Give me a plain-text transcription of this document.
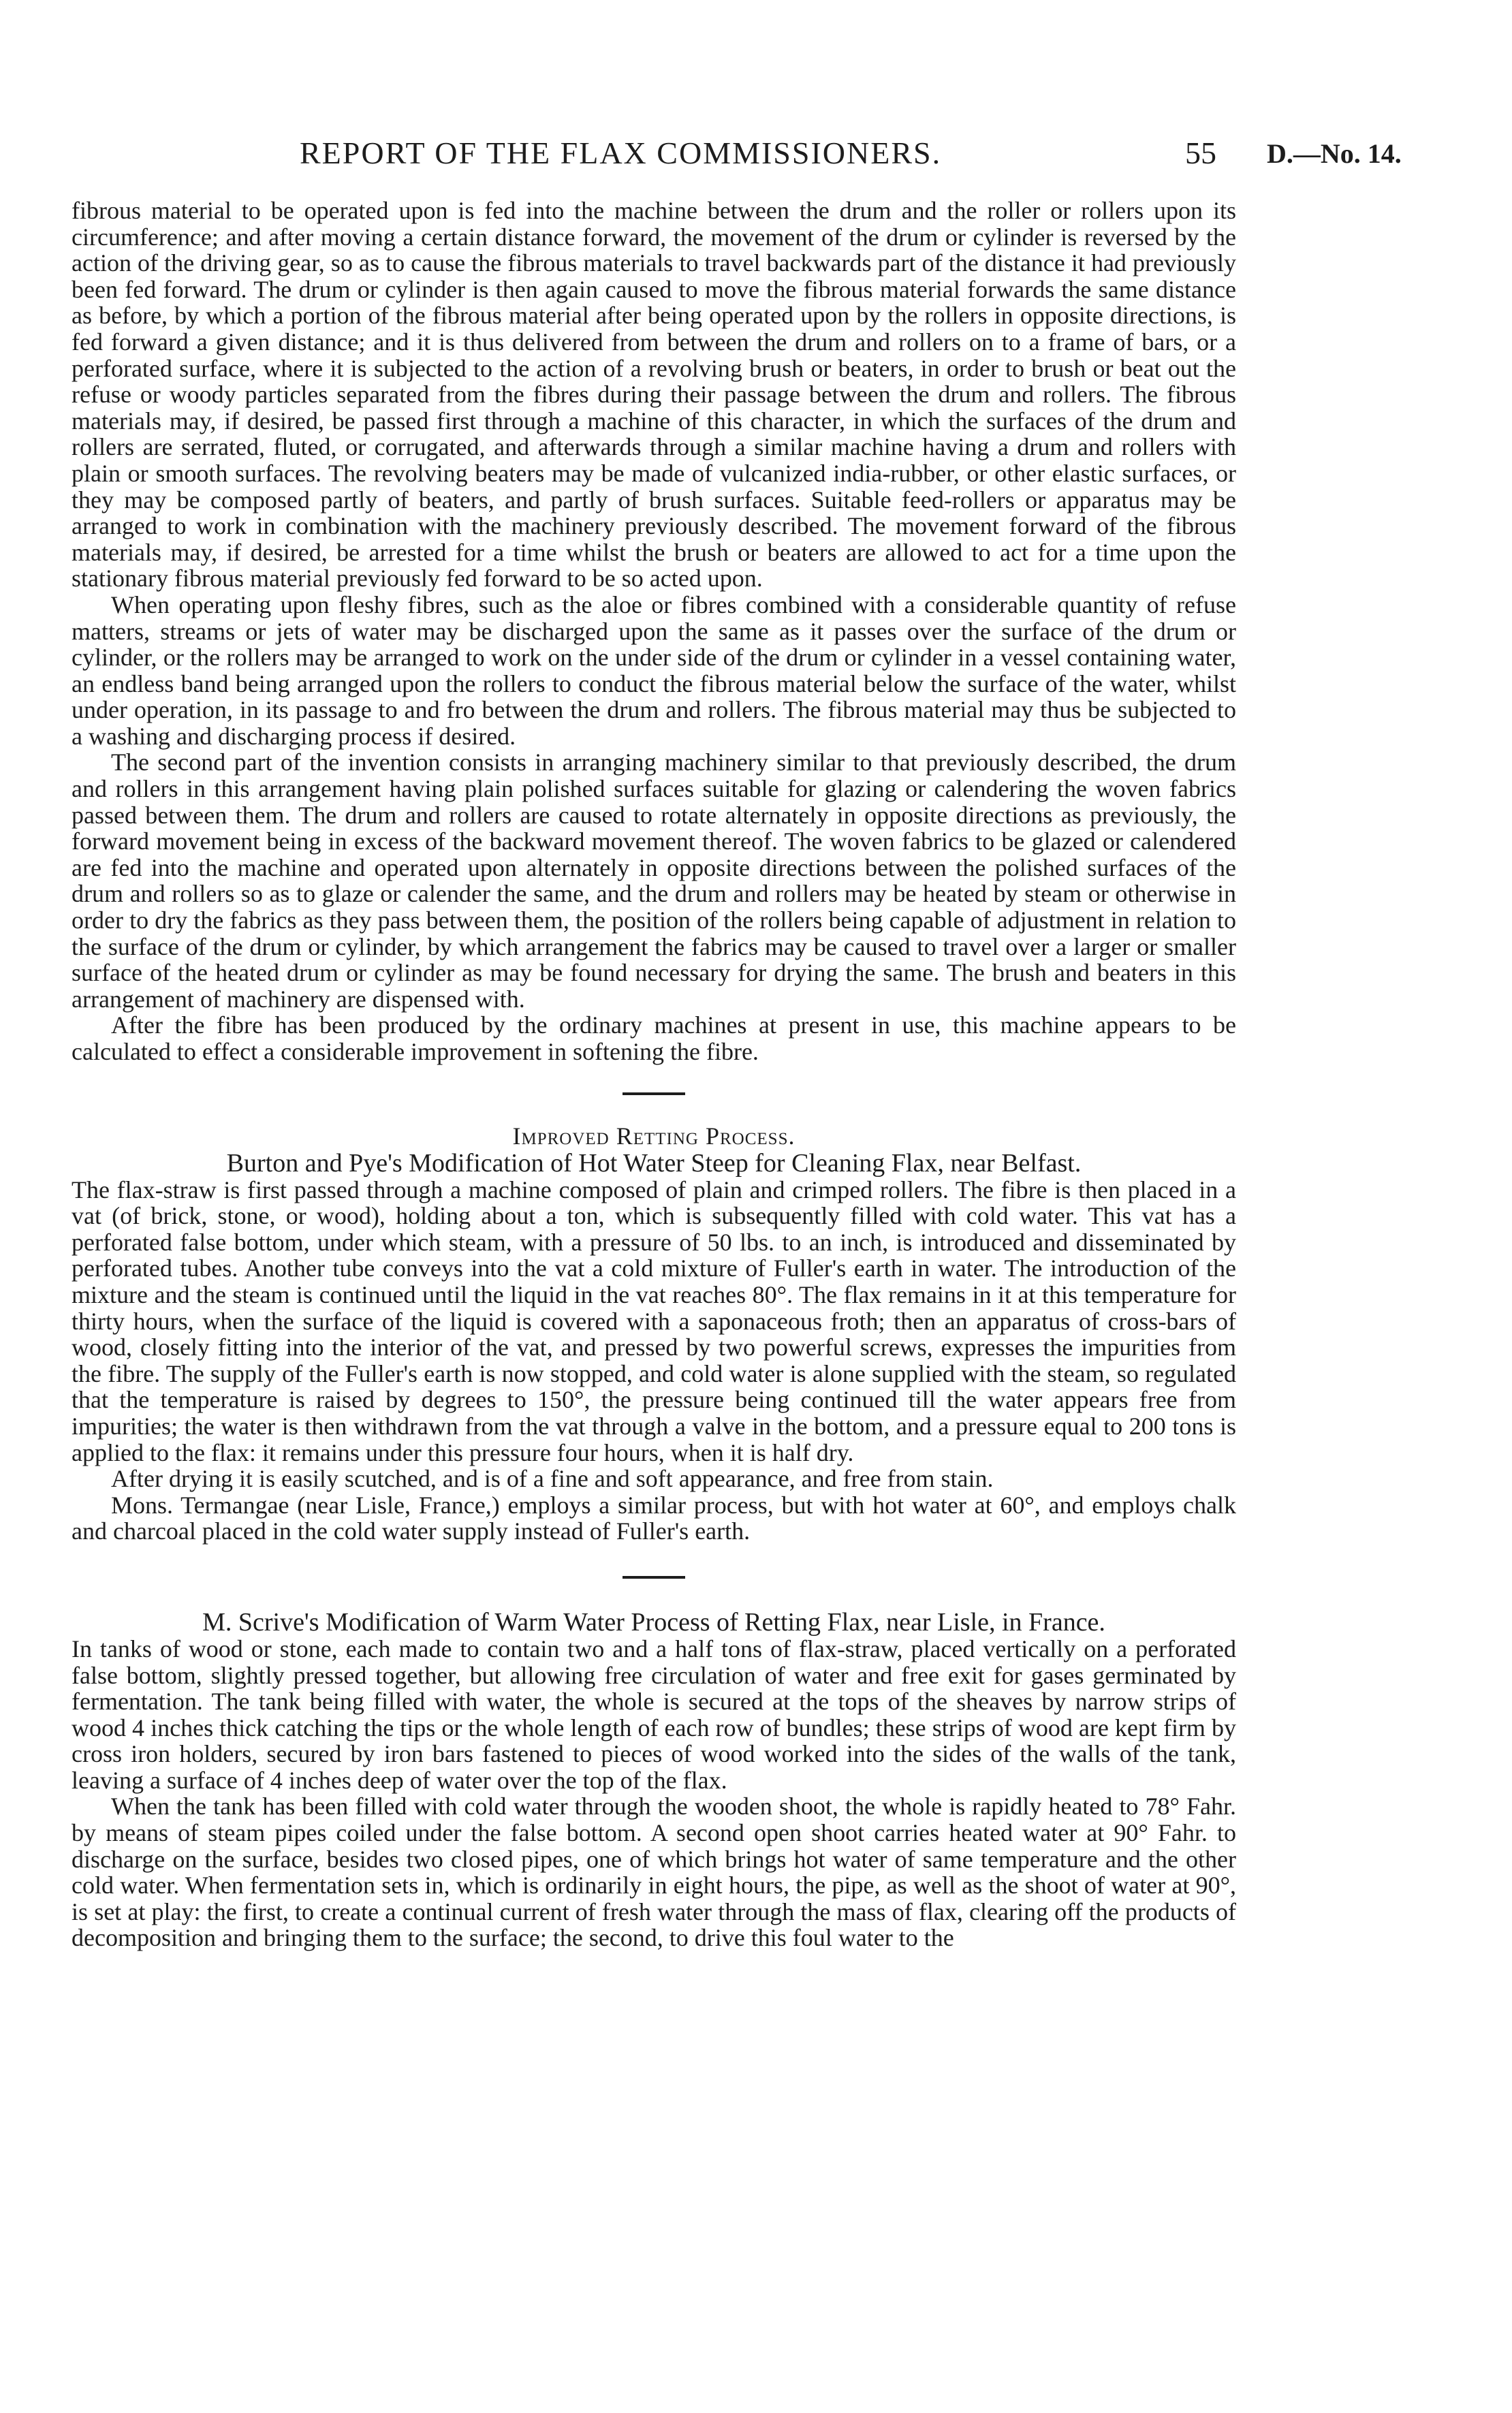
REPORT OF THE FLAX COMMISSIONERS.	55 D.—No. 14.

fibrous material to be operated upon is fed into the machine between the drum and the roller or rollers upon its circumference; and after moving a certain distance forward, the movement of the drum or cylinder is reversed by the action of the driving gear, so as to cause the fibrous materials to travel backwards part of the distance it had previously been fed forward. The drum or cylinder is then again caused to move the fibrous material forwards the same distance as before, by which a portion of the fibrous material after being operated upon by the rollers in opposite directions, is fed forward a given distance; and it is thus delivered from between the drum and rollers on to a frame of bars, or a perforated surface, where it is subjected to the action of a revolving brush or beaters, in order to brush or beat out the refuse or woody particles separated from the fibres during their passage between the drum and rollers. The fibrous materials may, if desired, be passed first through a machine of this character, in which the surfaces of the drum and rollers are serrated, fluted, or corrugated, and afterwards through a similar machine having a drum and rollers with plain or smooth surfaces. The revolving beaters may be made of vulcanized india-rubber, or other elastic surfaces, or they may be composed partly of beaters, and partly of brush surfaces. Suitable feed-rollers or apparatus may be arranged to work in combination with the machinery previously described. The movement forward of the fibrous materials may, if desired, be arrested for a time whilst the brush or beaters are allowed to act for a time upon the stationary fibrous material previously fed forward to be so acted upon.

When operating upon fleshy fibres, such as the aloe or fibres combined with a considerable quantity of refuse matters, streams or jets of water may be discharged upon the same as it passes over the surface of the drum or cylinder, or the rollers may be arranged to work on the under side of the drum or cylinder in a vessel containing water, an endless band being arranged upon the rollers to conduct the fibrous material below the surface of the water, whilst under operation, in its passage to and fro between the drum and rollers. The fibrous material may thus be subjected to a washing and discharging process if desired.

The second part of the invention consists in arranging machinery similar to that previously described, the drum and rollers in this arrangement having plain polished surfaces suitable for glazing or calendering the woven fabrics passed between them. The drum and rollers are caused to rotate alternately in opposite directions as previously, the forward movement being in excess of the backward movement thereof. The woven fabrics to be glazed or calendered are fed into the machine and operated upon alternately in opposite directions between the polished surfaces of the drum and rollers so as to glaze or calender the same, and the drum and rollers may be heated by steam or otherwise in order to dry the fabrics as they pass between them, the position of the rollers being capable of adjustment in relation to the surface of the drum or cylinder, by which arrangement the fabrics may be caused to travel over a larger or smaller surface of the heated drum or cylinder as may be found necessary for drying the same. The brush and beaters in this arrangement of machinery are dispensed with.

After the fibre has been produced by the ordinary machines at present in use, this machine appears to be calculated to effect a considerable improvement in softening the fibre.

Improved Retting Process.
Burton and Pye's Modification of Hot Water Steep for Cleaning Flax, near Belfast.

The flax-straw is first passed through a machine composed of plain and crimped rollers. The fibre is then placed in a vat (of brick, stone, or wood), holding about a ton, which is subsequently filled with cold water. This vat has a perforated false bottom, under which steam, with a pressure of 50 lbs. to an inch, is introduced and disseminated by perforated tubes. Another tube conveys into the vat a cold mixture of Fuller's earth in water. The introduction of the mixture and the steam is continued until the liquid in the vat reaches 80°. The flax remains in it at this temperature for thirty hours, when the surface of the liquid is covered with a saponaceous froth; then an apparatus of cross-bars of wood, closely fitting into the interior of the vat, and pressed by two powerful screws, expresses the impurities from the fibre. The supply of the Fuller's earth is now stopped, and cold water is alone supplied with the steam, so regulated that the temperature is raised by degrees to 150°, the pressure being continued till the water appears free from impurities; the water is then withdrawn from the vat through a valve in the bottom, and a pressure equal to 200 tons is applied to the flax: it remains under this pressure four hours, when it is half dry.

After drying it is easily scutched, and is of a fine and soft appearance, and free from stain.

Mons. Termangae (near Lisle, France,) employs a similar process, but with hot water at 60°, and employs chalk and charcoal placed in the cold water supply instead of Fuller's earth.

M. Scrive's Modification of Warm Water Process of Retting Flax, near Lisle, in France.

In tanks of wood or stone, each made to contain two and a half tons of flax-straw, placed vertically on a perforated false bottom, slightly pressed together, but allowing free circulation of water and free exit for gases germinated by fermentation. The tank being filled with water, the whole is secured at the tops of the sheaves by narrow strips of wood 4 inches thick catching the tips or the whole length of each row of bundles; these strips of wood are kept firm by cross iron holders, secured by iron bars fastened to pieces of wood worked into the sides of the walls of the tank, leaving a surface of 4 inches deep of water over the top of the flax.

When the tank has been filled with cold water through the wooden shoot, the whole is rapidly heated to 78° Fahr. by means of steam pipes coiled under the false bottom. A second open shoot carries heated water at 90° Fahr. to discharge on the surface, besides two closed pipes, one of which brings hot water of same temperature and the other cold water. When fermentation sets in, which is ordinarily in eight hours, the pipe, as well as the shoot of water at 90°, is set at play: the first, to create a continual current of fresh water through the mass of flax, clearing off the products of decomposition and bringing them to the surface; the second, to drive this foul water to the
